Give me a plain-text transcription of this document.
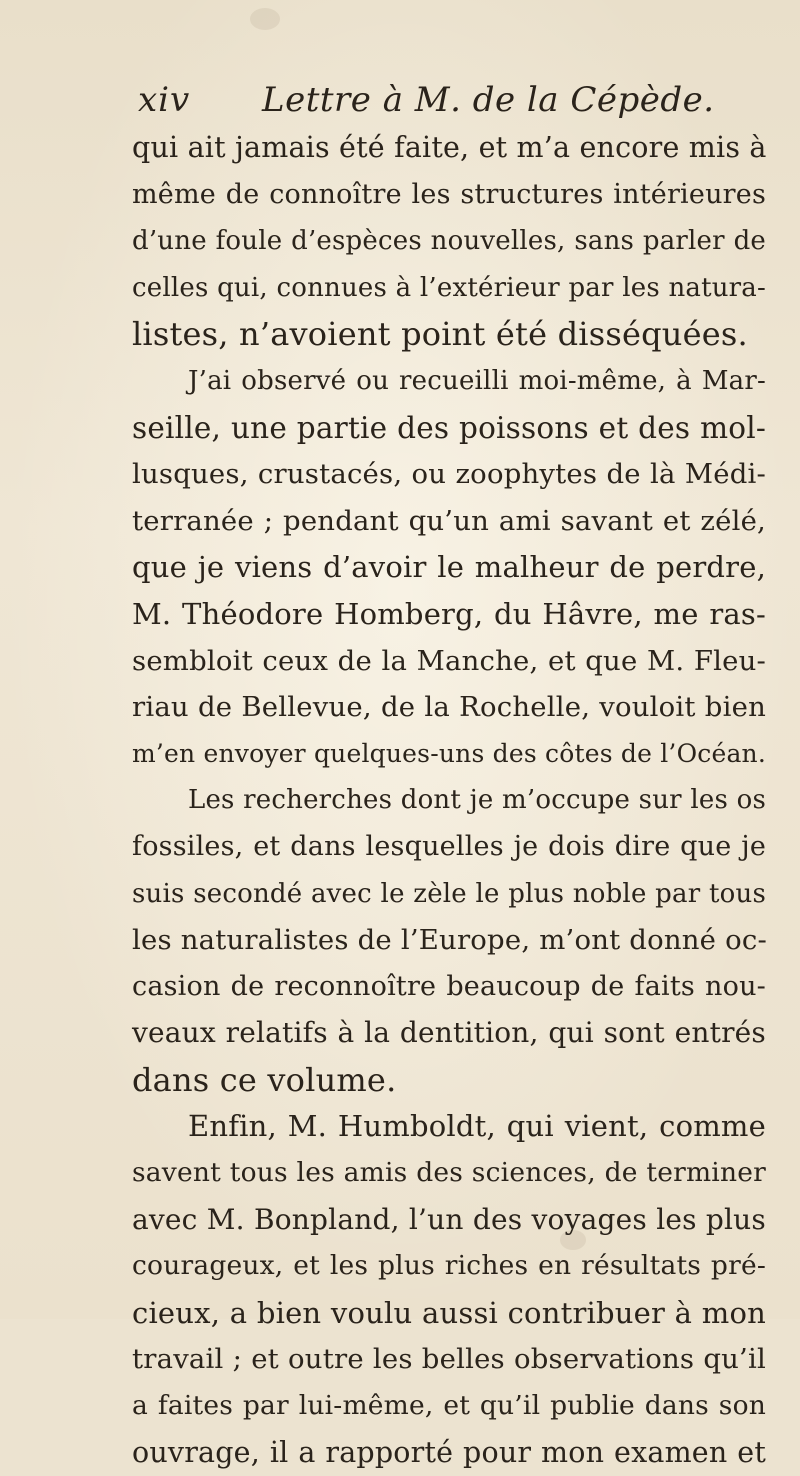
xiv Lettre à M. de la Cépède.
qui ait jamais été faite, et m’a encore mis à
même de connoître les structures intérieures
d’une foule d’espèces nouvelles, sans parler de
celles qui, connues à l’extérieur par les natura-
listes, n’avoient point été disséquées.
J’ai observé ou recueilli moi-même, à Mar-
seille, une partie des poissons et des mol-
lusques, crustacés, ou zoophytes de là Médi-
terranée ; pendant qu’un ami savant et zélé,
que je viens d’avoir le malheur de perdre,
M. Théodore Homberg, du Hâvre, me ras-
sembloit ceux de la Manche, et que M. Fleu-
riau de Bellevue, de la Rochelle, vouloit bien
m’en envoyer quelques-uns des côtes de l’Océan.
Les recherches dont je m’occupe sur les os
fossiles, et dans lesquelles je dois dire que je
suis secondé avec le zèle le plus noble par tous
les naturalistes de l’Europe, m’ont donné oc-
casion de reconnoître beaucoup de faits nou-
veaux relatifs à la dentition, qui sont entrés
dans ce volume.
Enfin, M. Humboldt, qui vient, comme
savent tous les amis des sciences, de terminer
avec M. Bonpland, l’un des voyages les plus
courageux, et les plus riches en résultats pré-
cieux, a bien voulu aussi contribuer à mon
travail ; et outre les belles observations qu’il
a faites par lui-même, et qu’il publie dans son
ouvrage, il a rapporté pour mon examen et
